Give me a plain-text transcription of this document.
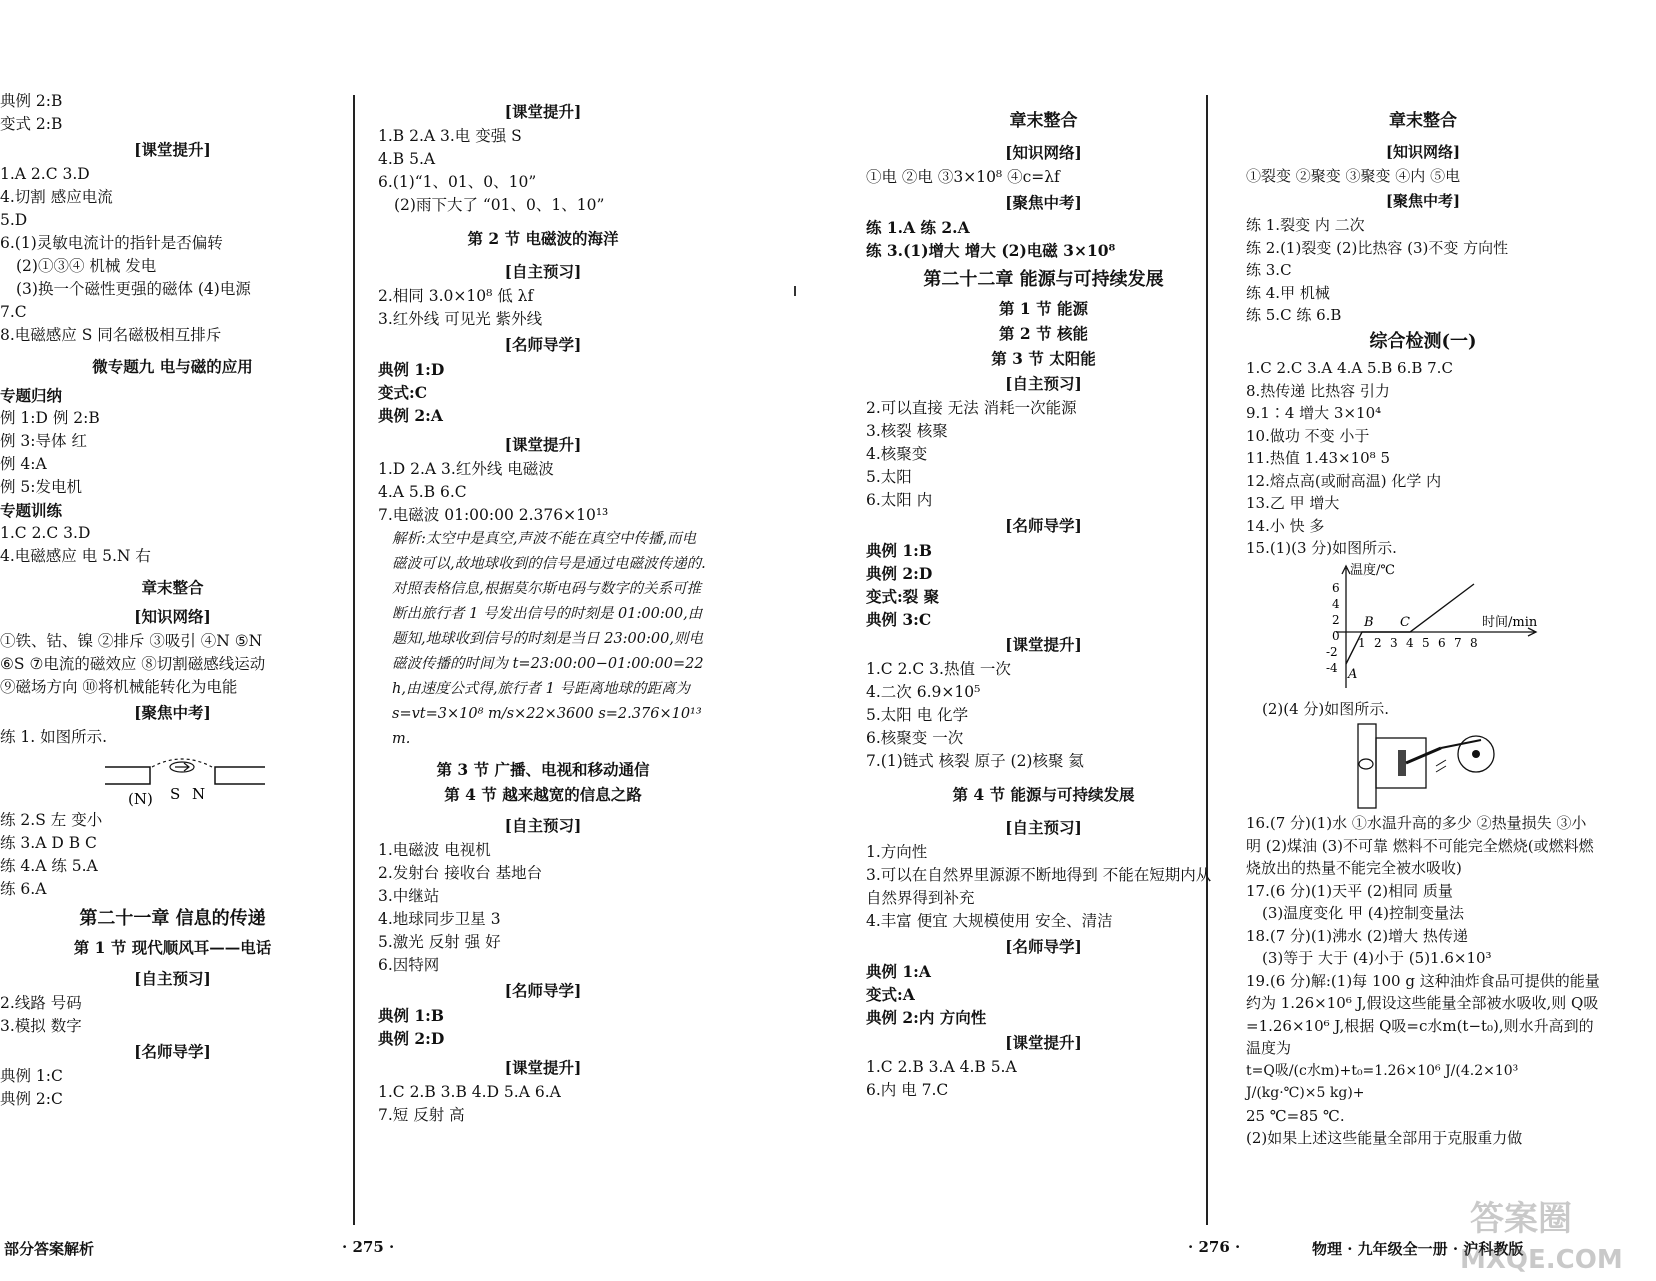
典例 2:B
变式 2:B
[课堂提升]
1.A 2.C 3.D
4.切割 感应电流
5.D
6.(1)灵敏电流计的指针是否偏转
(2)①③④ 机械 发电
(3)换一个磁性更强的磁体 (4)电源
7.C
8.电磁感应 S 同名磁极相互排斥
微专题九 电与磁的应用
专题归纳
例 1:D 例 2:B
例 3:导体 红
例 4:A
例 5:发电机
专题训练
1.C 2.C 3.D
4.电磁感应 电 5.N 右
章末整合
[知识网络]
①铁、钴、镍 ②排斥 ③吸引 ④N ⑤N
⑥S ⑦电流的磁效应 ⑧切割磁感线运动
⑨磁场方向 ⑩将机械能转化为电能
[聚焦中考]
练 1. 如图所示.
(N) S N
练 2.S 左 变小
练 3.A D B C
练 4.A 练 5.A
练 6.A
第二十一章 信息的传递
第 1 节 现代顺风耳——电话
[自主预习]
2.线路 号码
3.模拟 数字
[名师导学]
典例 1:C
典例 2:C
[课堂提升]
1.B 2.A 3.电 变强 S
4.B 5.A
6.(1)“1、01、0、10”
(2)雨下大了 “01、0、1、10”
第 2 节 电磁波的海洋
[自主预习]
2.相同 3.0×10⁸ 低 λf
3.红外线 可见光 紫外线
[名师导学]
典例 1:D
变式:C
典例 2:A
[课堂提升]
1.D 2.A 3.红外线 电磁波
4.A 5.B 6.C
7.电磁波 01:00:00 2.376×10¹³
解析:太空中是真空,声波不能在真空中传播,而电磁波可以,故地球收到的信号是通过电磁波传递的.对照表格信息,根据莫尔斯电码与数字的关系可推断出旅行者 1 号发出信号的时刻是 01:00:00,由题知,地球收到信号的时刻是当日 23:00:00,则电磁波传播的时间为 t=23:00:00−01:00:00=22 h,由速度公式得,旅行者 1 号距离地球的距离为 s=vt=3×10⁸ m/s×22×3600 s=2.376×10¹³ m.
第 3 节 广播、电视和移动通信
第 4 节 越来越宽的信息之路
[自主预习]
1.电磁波 电视机
2.发射台 接收台 基地台
3.中继站
4.地球同步卫星 3
5.激光 反射 强 好
6.因特网
[名师导学]
典例 1:B
典例 2:D
[课堂提升]
1.C 2.B 3.B 4.D 5.A 6.A
7.短 反射 高
章末整合
[知识网络]
①电 ②电 ③3×10⁸ ④c=λf
[聚焦中考]
练 1.A 练 2.A
练 3.(1)增大 增大 (2)电磁 3×10⁸
第二十二章 能源与可持续发展
第 1 节 能源
第 2 节 核能
第 3 节 太阳能
[自主预习]
2.可以直接 无法 消耗一次能源
3.核裂 核聚
4.核聚变
5.太阳
6.太阳 内
[名师导学]
典例 1:B
典例 2:D
变式:裂 聚
典例 3:C
[课堂提升]
1.C 2.C 3.热值 一次
4.二次 6.9×10⁵
5.太阳 电 化学
6.核聚变 一次
7.(1)链式 核裂 原子 (2)核聚 氦
第 4 节 能源与可持续发展
[自主预习]
1.方向性
3.可以在自然界里源源不断地得到 不能在短期内从自然界得到补充
4.丰富 便宜 大规模使用 安全、清洁
[名师导学]
典例 1:A
变式:A
典例 2:内 方向性
[课堂提升]
1.C 2.B 3.A 4.B 5.A
6.内 电 7.C
章末整合
[知识网络]
①裂变 ②聚变 ③聚变 ④内 ⑤电
[聚焦中考]
练 1.裂变 内 二次
练 2.(1)裂变 (2)比热容 (3)不变 方向性
练 3.C
练 4.甲 机械
练 5.C 练 6.B
综合检测(一)
1.C 2.C 3.A 4.A 5.B 6.B 7.C
8.热传递 比热容 引力
9.1∶4 增大 3×10⁴
10.做功 不变 小于
11.热值 1.43×10⁸ 5
12.熔点高(或耐高温) 化学 内
13.乙 甲 增大
14.小 快 多
15.(1)(3 分)如图所示.
温度/℃
时间/min
6
4
2
0
-2
-4
1 2 3 4 5 6 7 8
A
B C
(2)(4 分)如图所示.
16.(7 分)(1)水 ①水温升高的多少 ②热量损失 ③小明 (2)煤油 (3)不可靠 燃料不可能完全燃烧(或燃料燃烧放出的热量不能完全被水吸收)
17.(6 分)(1)天平 (2)相同 质量
(3)温度变化 甲 (4)控制变量法
18.(7 分)(1)沸水 (2)增大 热传递
(3)等于 大于 (4)小于 (5)1.6×10³
19.(6 分)解:(1)每 100 g 这种油炸食品可提供的能量约为 1.26×10⁶ J,假设这些能量全部被水吸收,则 Q吸=1.26×10⁶ J,根据 Q吸=c水m(t−t₀),则水升高到的温度为
t=Q吸/(c水m)+t₀=1.26×10⁶ J/(4.2×10³ J/(kg·℃)×5 kg)+
25 ℃=85 ℃.
(2)如果上述这些能量全部用于克服重力做
部分答案解析	· 275 ·	· 276 ·	物理 · 九年级全一册 · 沪科教版
答案圈
MXQE.COM
